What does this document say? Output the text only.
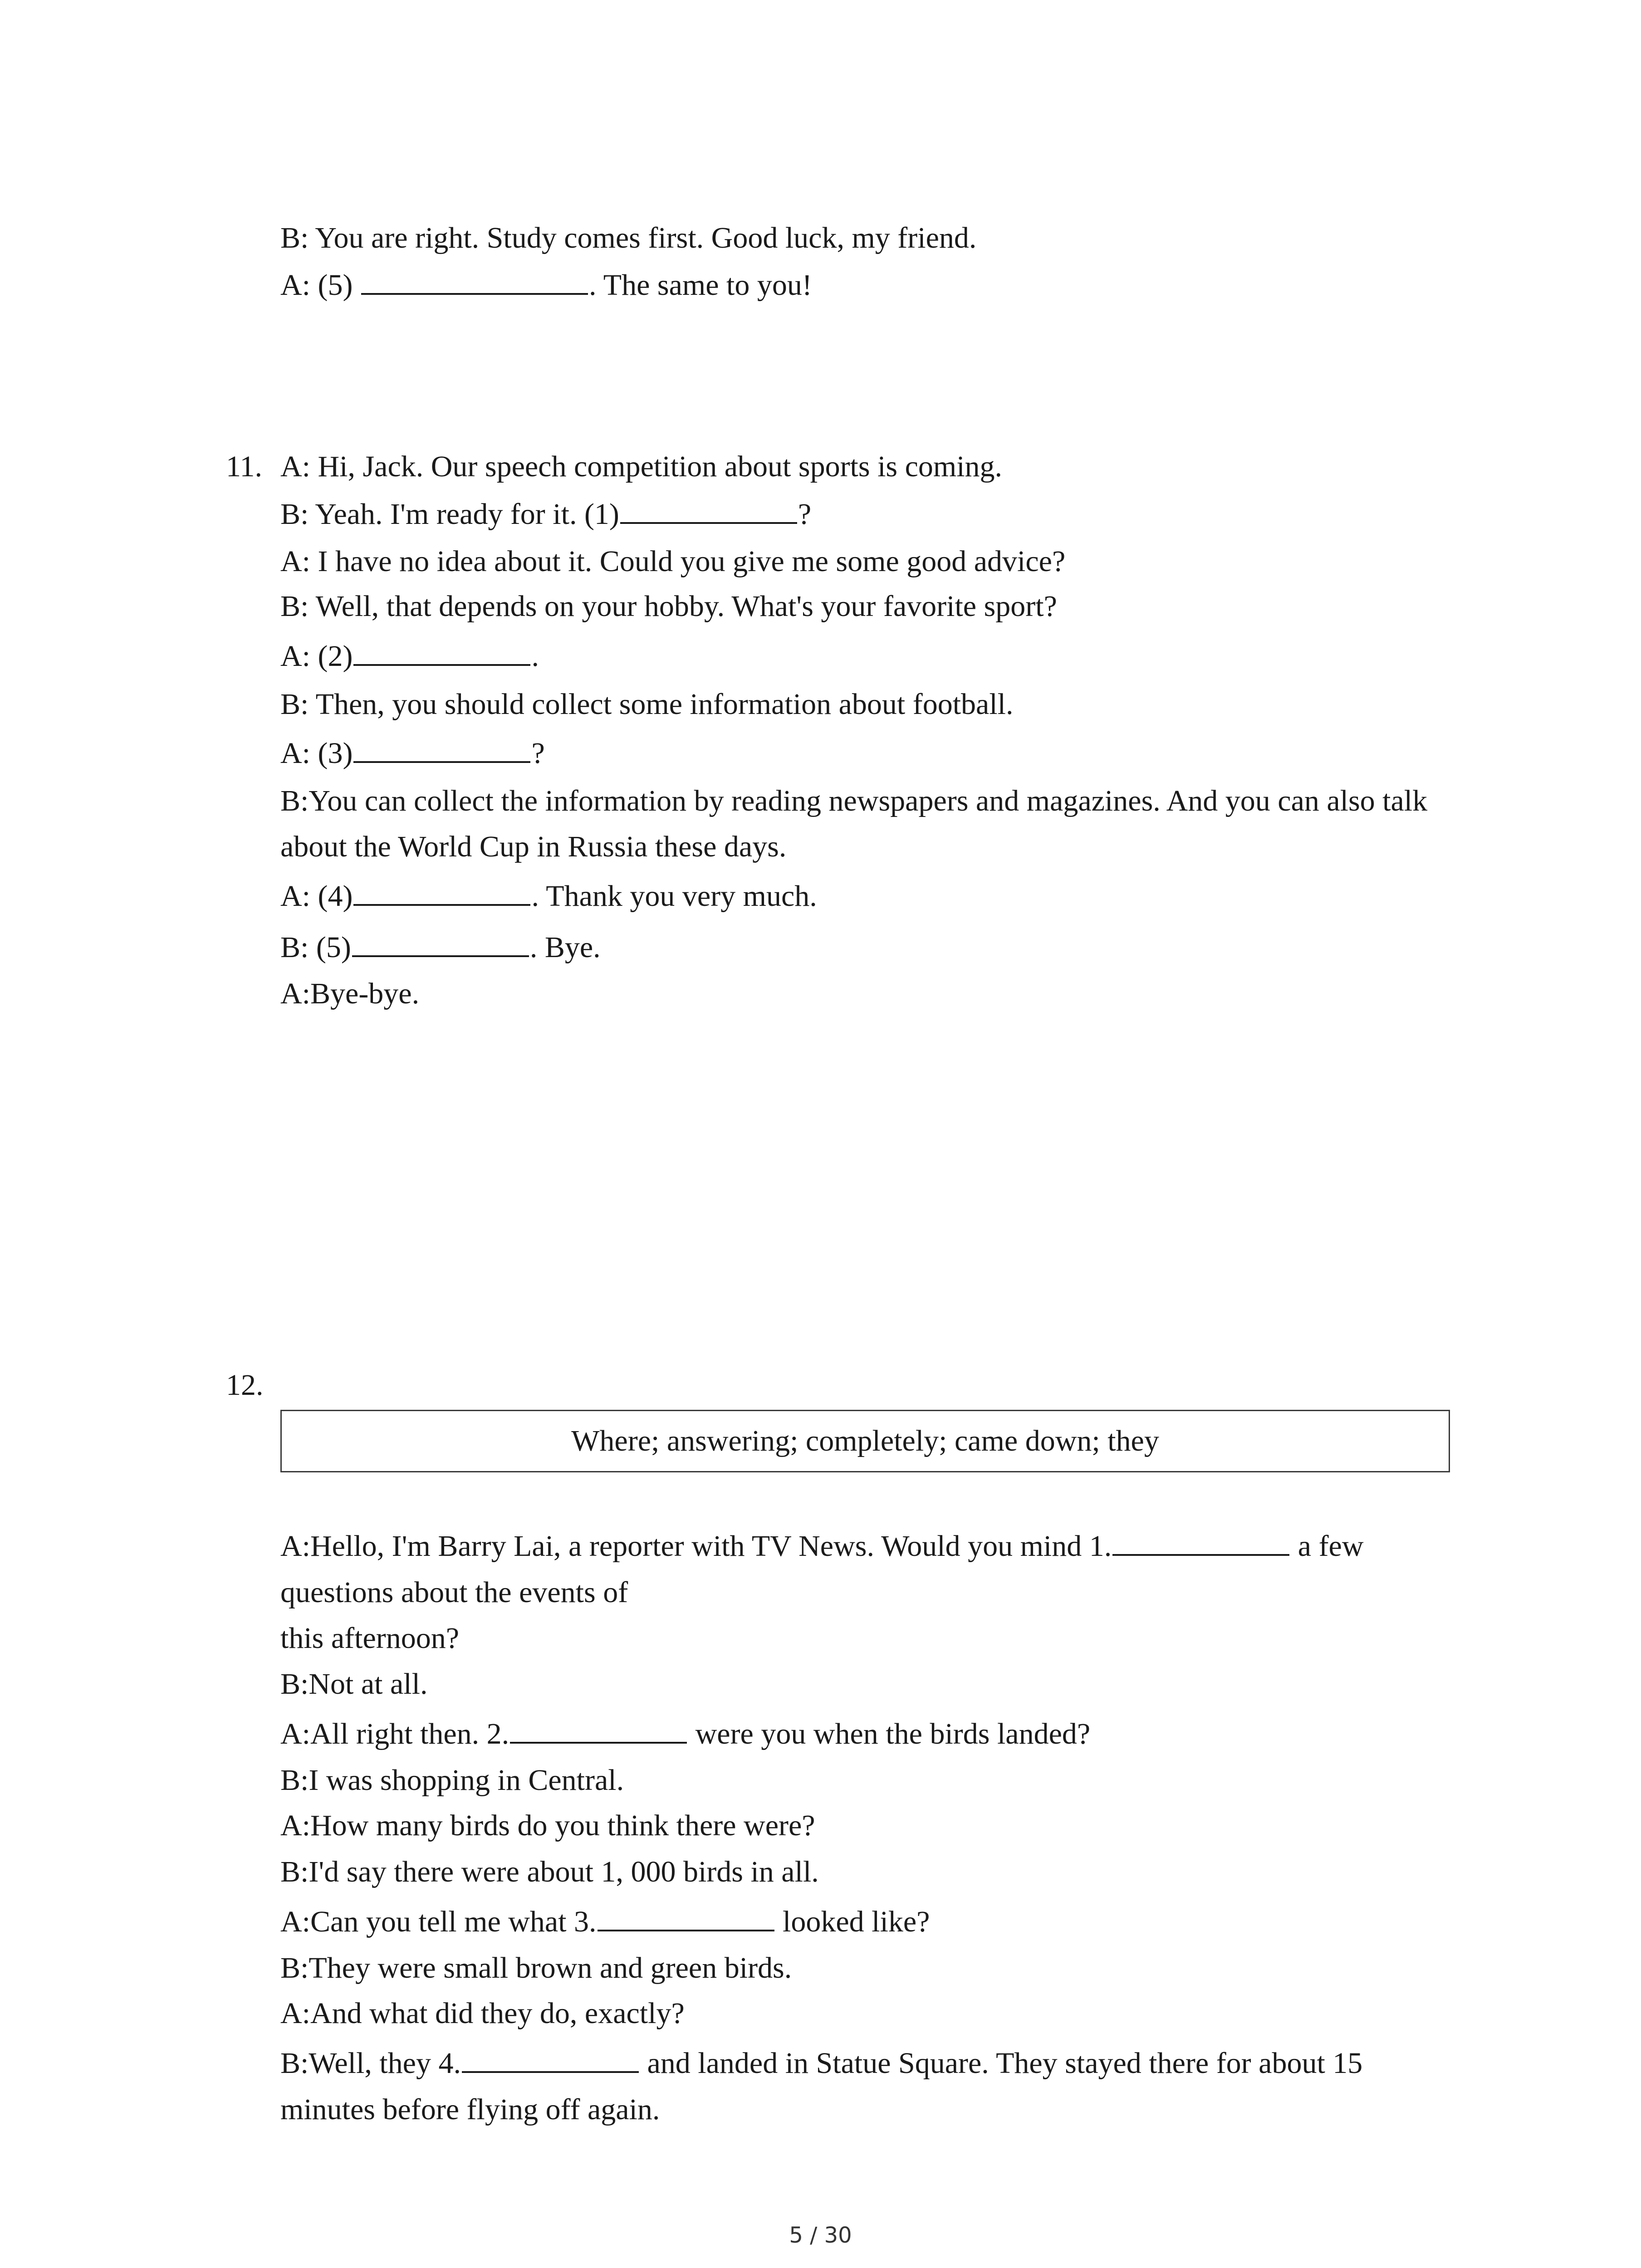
B: You are right. Study comes first. Good luck, my friend.

A: (5)	. The same to you!

11. A: Hi, Jack. Our speech competition about sports is coming.

B: Yeah. I'm ready for it. (1)	?

A: I have no idea about it. Could you give me some good advice?

B: Well, that depends on your hobby. What's your favorite sport?

A: (2)	.

B: Then, you should collect some information about football.

A: (3)	?

B:You can collect the information by reading newspapers and magazines. And you can also talk

about the World Cup in Russia these days.

A: (4)	. Thank you very much.

B: (5)	. Bye.

A:Bye-bye.

12.

Where; answering; completely; came down; they

A:Hello, I'm Barry Lai, a reporter with TV News. Would you mind 1.	a few

questions about the events of

this afternoon?

B:Not at all.

A:All right then. 2.	were you when the birds landed?

B:I was shopping in Central.

A:How many birds do you think there were?

B:I'd say there were about 1, 000 birds in all.

A:Can you tell me what 3.	looked like?

B:They were small brown and green birds.

A:And what did they do, exactly?

B:Well, they 4.	and landed in Statue Square. They stayed there for about 15

minutes before flying off again.

5 / 30
